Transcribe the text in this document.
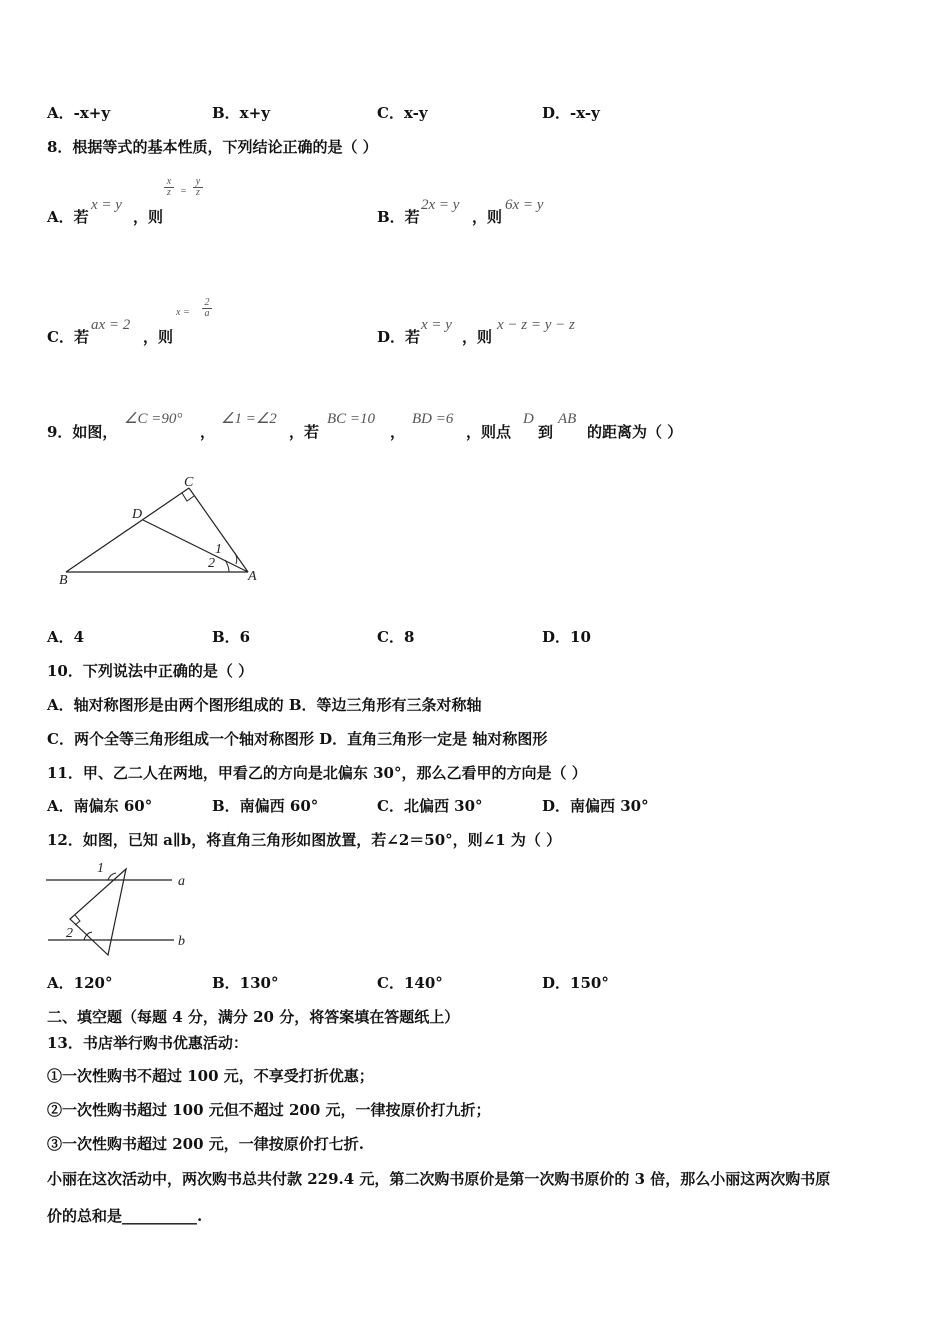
A．-x+y	B．x+y	C．x-y	D．-x-y
8．根据等式的基本性质，下列结论正确的是（ ）
A．若
x = y
，则
$\frac{x}{z} = \frac{y}{z}$
B．若
2x = y
，则
6x = y
C．若
ax = 2
，则
$x = \frac{2}{a}$
D．若
x = y
，则
x − z = y − z
9．如图，
∠C =90°
，
∠1 =∠2
，若
BC =10
，
BD =6
，则点
D
到
AB
的距离为（ ）
C
D
B	A
1
2
A．4	B．6	C．8	D．10
10．下列说法中正确的是（ ）
A．轴对称图形是由两个图形组成的 B．等边三角形有三条对称轴
C．两个全等三角形组成一个轴对称图形 D．直角三角形一定是 轴对称图形
11．甲、乙二人在两地，甲看乙的方向是北偏东 30°，那么乙看甲的方向是（ ）
A．南偏东 60°	B．南偏西 60°	C．北偏西 30°	D．南偏西 30°
12．如图，已知 a∥b，将直角三角形如图放置，若∠2＝50°，则∠1 为（ ）
a
b
1
2
A．120°	B．130°	C．140°	D．150°
二、填空题（每题 4 分，满分 20 分，将答案填在答题纸上）
13．书店举行购书优惠活动：
①一次性购书不超过 100 元，不享受打折优惠；
②一次性购书超过 100 元但不超过 200 元，一律按原价打九折；
③一次性购书超过 200 元，一律按原价打七折.
小丽在这次活动中，两次购书总共付款 229.4 元，第二次购书原价是第一次购书原价的 3 倍，那么小丽这两次购书原
价的总和是__________.
